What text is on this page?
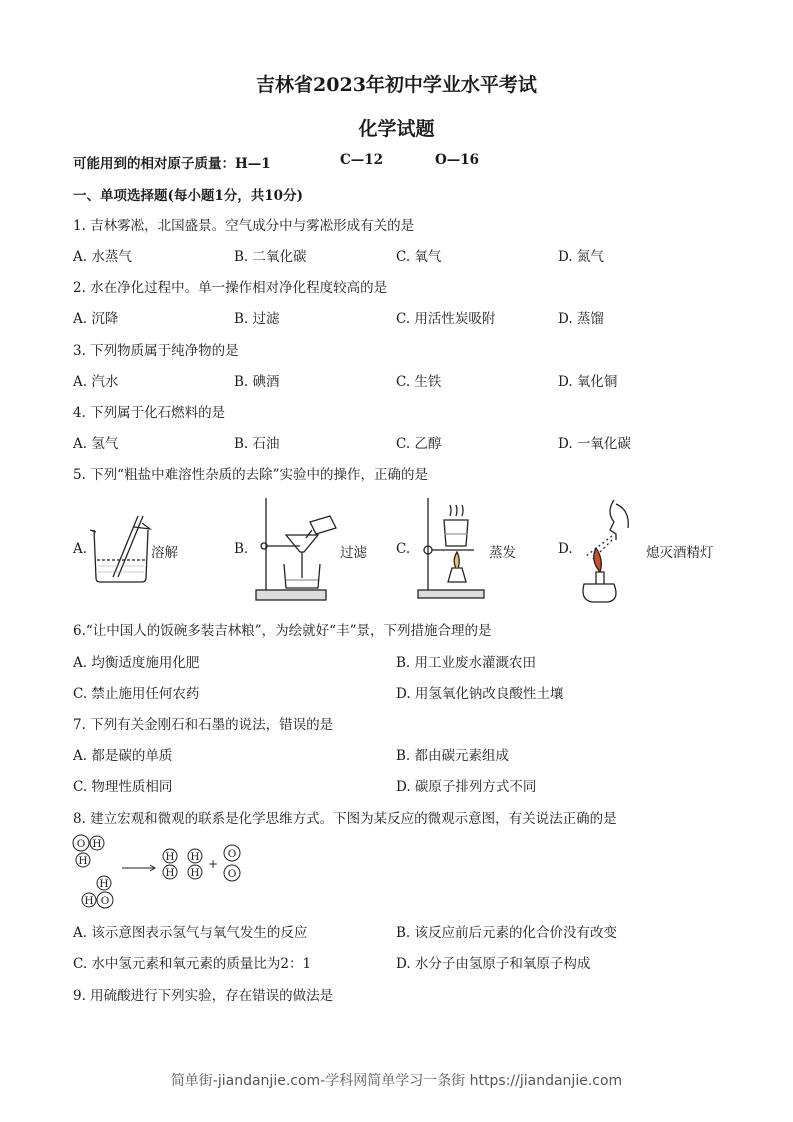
吉林省2023年初中学业水平考试
化学试题
可能用到的相对原子质量：H—1	C—12	O—16
一、单项选择题(每小题1分，共10分)
1. 吉林雾凇，北国盛景。空气成分中与雾凇形成有关的是
A. 水蒸气	B. 二氧化碳	C. 氧气	D. 氮气
2. 水在净化过程中。单一操作相对净化程度较高的是
A. 沉降	B. 过滤	C. 用活性炭吸附	D. 蒸馏
3. 下列物质属于纯净物的是
A. 汽水	B. 碘酒	C. 生铁	D. 氧化铜
4. 下列属于化石燃料的是
A. 氢气	B. 石油	C. 乙醇	D. 一氧化碳
5. 下列“粗盐中难溶性杂质的去除”实验中的操作，正确的是
A.	溶解	B.	过滤 C.	蒸发	D.	熄灭酒精灯
6.“让中国人的饭碗多装吉林粮”，为绘就好“丰”景，下列措施合理的是
A. 均衡适度施用化肥	B. 用工业废水灌溉农田
C. 禁止施用任何农药	D. 用氢氧化钠改良酸性土壤
7. 下列有关金刚石和石墨的说法，错误的是
A. 都是碳的单质	B. 都由碳元素组成
C. 物理性质相同	D. 碳原子排列方式不同
8. 建立宏观和微观的联系是化学思维方式。下图为某反应的微观示意图，有关说法正确的是
O H
H
H
H O
H
H
H
H
+
O
O
A. 该示意图表示氢气与氧气发生的反应	B. 该反应前后元素的化合价没有改变
C. 水中氢元素和氧元素的质量比为2：1	D. 水分子由氢原子和氧原子构成
9. 用硫酸进行下列实验，存在错误的做法是
简单街-jiandanjie.com-学科网简单学习一条街 https://jiandanjie.com
